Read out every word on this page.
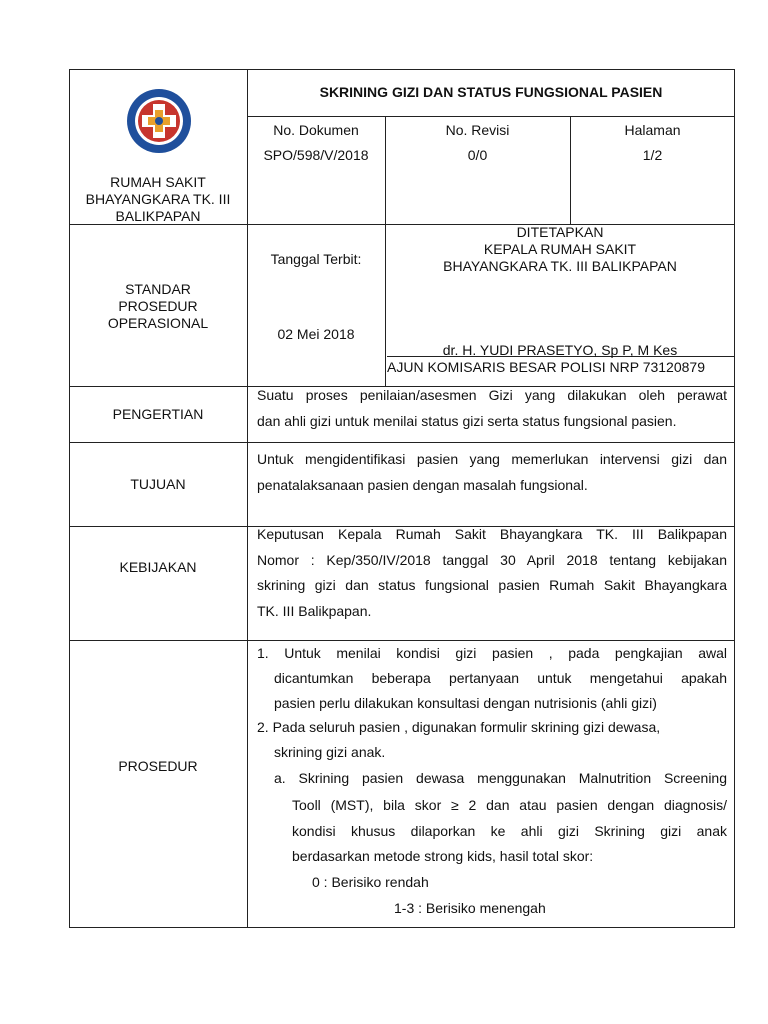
SKRINING GIZI DAN STATUS FUNGSIONAL PASIEN
No. Dokumen
SPO/598/V/2018
No. Revisi
0/0
Halaman
1/2
RUMAH SAKIT
BHAYANGKARA TK. III
BALIKPAPAN
STANDAR
PROSEDUR
OPERASIONAL
Tanggal Terbit:
02 Mei 2018
DITETAPKAN
KEPALA RUMAH SAKIT
BHAYANGKARA TK. III BALIKPAPAN
dr. H. YUDI PRASETYO, Sp P, M Kes
AJUN KOMISARIS BESAR POLISI NRP 73120879
PENGERTIAN
Suatu proses penilaian/asesmen Gizi yang dilakukan oleh perawat
dan ahli gizi untuk menilai status gizi serta status fungsional pasien.
TUJUAN
Untuk mengidentifikasi pasien yang memerlukan intervensi gizi dan
penatalaksanaan pasien dengan masalah fungsional.
KEBIJAKAN
Keputusan Kepala Rumah Sakit Bhayangkara TK. III Balikpapan
Nomor : Kep/350/IV/2018 tanggal 30 April 2018 tentang kebijakan
skrining gizi dan status fungsional pasien Rumah Sakit Bhayangkara
TK. III Balikpapan.
PROSEDUR
1. Untuk menilai kondisi gizi pasien , pada pengkajian awal
dicantumkan beberapa pertanyaan untuk mengetahui apakah
pasien perlu dilakukan konsultasi dengan nutrisionis (ahli gizi)
2. Pada seluruh pasien , digunakan formulir skrining gizi dewasa,
skrining gizi anak.
a. Skrining pasien dewasa menggunakan Malnutrition Screening
Tooll (MST), bila skor ≥ 2 dan atau pasien dengan diagnosis/
kondisi khusus dilaporkan ke ahli gizi Skrining gizi anak
berdasarkan metode strong kids, hasil total skor:
0 : Berisiko rendah
1-3 : Berisiko menengah
